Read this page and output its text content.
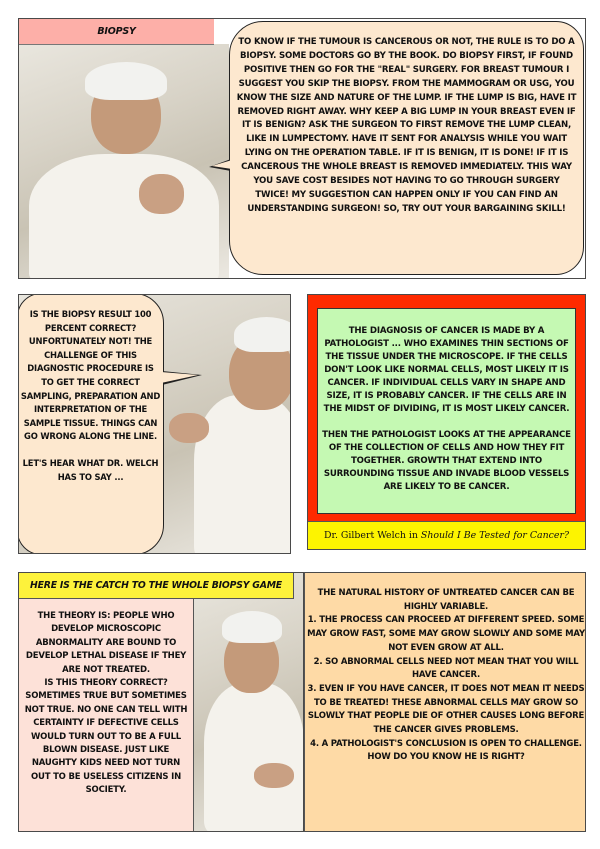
BIOPSY
TO KNOW IF THE TUMOUR IS CANCEROUS OR NOT, THE RULE IS TO DO A BIOPSY. SOME DOCTORS GO BY THE BOOK. DO BIOPSY FIRST, IF FOUND POSITIVE THEN GO FOR THE "REAL" SURGERY. FOR BREAST TUMOUR I SUGGEST YOU SKIP THE BIOPSY. FROM THE MAMMOGRAM OR USG, YOU KNOW THE SIZE AND NATURE OF THE LUMP. IF THE LUMP IS BIG, HAVE IT REMOVED RIGHT AWAY. WHY KEEP A BIG LUMP IN YOUR BREAST EVEN IF IT IS BENIGN? ASK THE SURGEON TO FIRST REMOVE THE LUMP CLEAN, LIKE IN LUMPECTOMY. HAVE IT SENT FOR ANALYSIS WHILE YOU WAIT LYING ON THE OPERATION TABLE. IF IT IS BENIGN, IT IS DONE! IF IT IS CANCEROUS THE WHOLE BREAST IS REMOVED IMMEDIATELY. THIS WAY YOU SAVE COST BESIDES NOT HAVING TO GO THROUGH SURGERY TWICE! MY SUGGESTION CAN HAPPEN ONLY IF YOU CAN FIND AN UNDERSTANDING SURGEON! SO, TRY OUT YOUR BARGAINING SKILL!
IS THE BIOPSY RESULT 100 PERCENT CORRECT? UNFORTUNATELY NOT! THE CHALLENGE OF THIS DIAGNOSTIC PROCEDURE IS TO GET THE CORRECT SAMPLING, PREPARATION AND INTERPRETATION OF THE SAMPLE TISSUE. THINGS CAN GO WRONG ALONG THE LINE.
LET'S HEAR WHAT DR. WELCH HAS TO SAY ...

THE DIAGNOSIS OF CANCER IS MADE BY A PATHOLOGIST ... WHO EXAMINES THIN SECTIONS OF THE TISSUE UNDER THE MICROSCOPE. IF THE CELLS DON'T LOOK LIKE NORMAL CELLS, MOST LIKELY IT IS CANCER. IF INDIVIDUAL CELLS VARY IN SHAPE AND SIZE, IT IS PROBABLY CANCER. IF THE CELLS ARE IN THE MIDST OF DIVIDING, IT IS MOST LIKELY CANCER.

THEN THE PATHOLOGIST LOOKS AT THE APPEARANCE OF THE COLLECTION OF CELLS AND HOW THEY FIT TOGETHER. GROWTH THAT EXTEND INTO SURROUNDING TISSUE AND INVADE BLOOD VESSELS ARE LIKELY TO BE CANCER.

Dr. Gilbert Welch in Should I Be Tested for Cancer?
HERE IS THE CATCH TO THE WHOLE BIOPSY GAME
THE THEORY IS: PEOPLE WHO DEVELOP MICROSCOPIC ABNORMALITY ARE BOUND TO DEVELOP LETHAL DISEASE IF THEY ARE NOT TREATED.
IS THIS THEORY CORRECT? SOMETIMES TRUE BUT SOMETIMES NOT TRUE. NO ONE CAN TELL WITH CERTAINTY IF DEFECTIVE CELLS WOULD TURN OUT TO BE A FULL BLOWN DISEASE. JUST LIKE NAUGHTY KIDS NEED NOT TURN OUT TO BE USELESS CITIZENS IN SOCIETY.
THE NATURAL HISTORY OF UNTREATED CANCER CAN BE HIGHLY VARIABLE.
1. THE PROCESS CAN PROCEED AT DIFFERENT SPEED. SOME MAY GROW FAST, SOME MAY GROW SLOWLY AND SOME MAY NOT EVEN GROW AT ALL.
2. SO ABNORMAL CELLS NEED NOT MEAN THAT YOU WILL HAVE CANCER.
3. EVEN IF YOU HAVE CANCER, IT DOES NOT MEAN IT NEEDS TO BE TREATED! THESE ABNORMAL CELLS MAY GROW SO SLOWLY THAT PEOPLE DIE OF OTHER CAUSES LONG BEFORE THE CANCER GIVES PROBLEMS.
4. A PATHOLOGIST'S CONCLUSION IS OPEN TO CHALLENGE. HOW DO YOU KNOW HE IS RIGHT?
